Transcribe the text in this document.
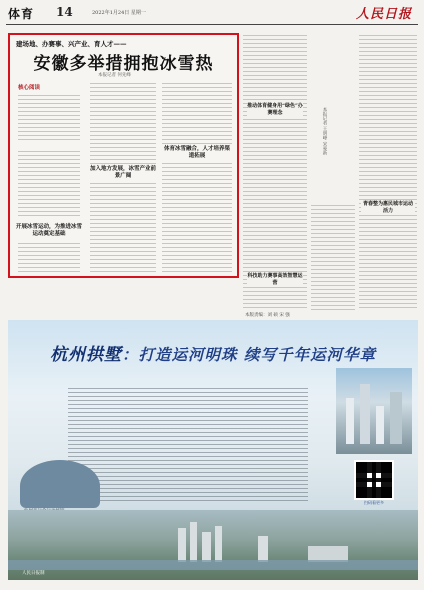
体育 14	2022年1月24日 星期一	人民日报
建场地、办赛事、兴产业、育人才——
安徽多举措拥抱冰雪热
本报记者 何先峰
核心阅读
开展冰雪运动，为推进冰雪运动奠定基础
加入地方发展，冰雪产业前景广阔
体育冰雪融合，人才培养渠道拓展
推动体育健身用“绿色”办赛理念
科技助力赛事高效智慧运营
本报记者 王明峰 宋豪新
青春整为惠民城市运动活力
本版责编：刘 硕 宋 强
杭州拱墅：打造运河明珠 续写千年运河华章
扫码看更多
人民日报制
